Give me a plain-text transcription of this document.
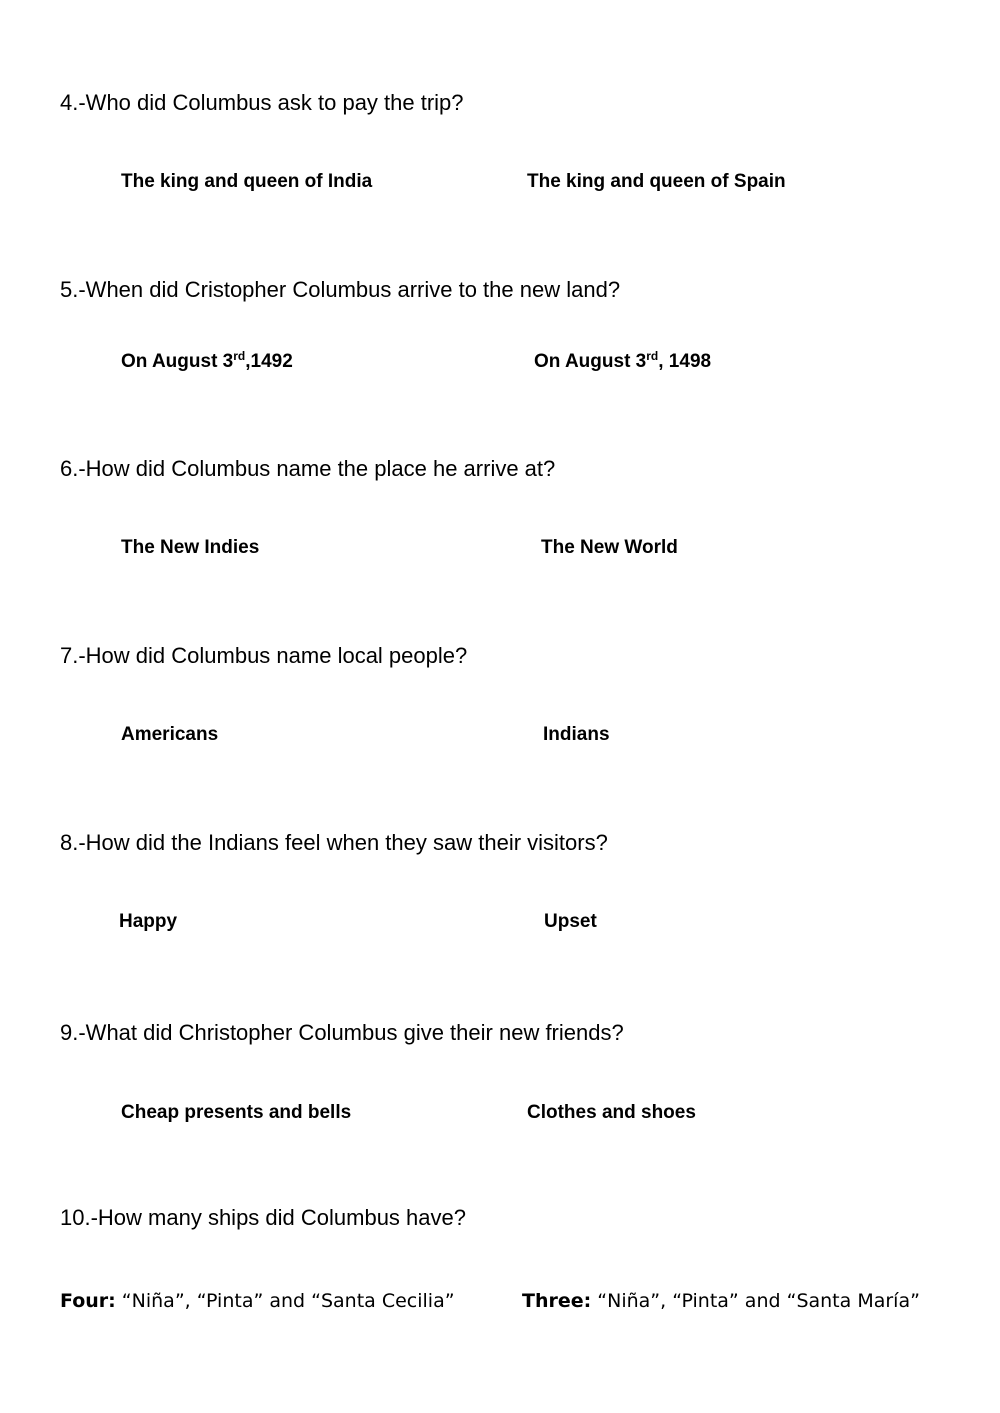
4.-Who did Columbus ask to pay the trip?
The king and queen of India	The king and queen of Spain
5.-When did Cristopher Columbus arrive to the new land?
On August 3rd,1492	On August 3rd, 1498
6.-How did Columbus name the place he arrive at?
The New Indies	The New World
7.-How did Columbus name local people?
Americans	Indians
8.-How did the Indians feel when they saw their visitors?
Happy	Upset
9.-What did Christopher Columbus give their new friends?
Cheap presents and bells	Clothes and shoes
10.-How many ships did Columbus have?
Four: “Niña”, “Pinta” and “Santa Cecilia”	Three: “Niña”, “Pinta” and “Santa María”
